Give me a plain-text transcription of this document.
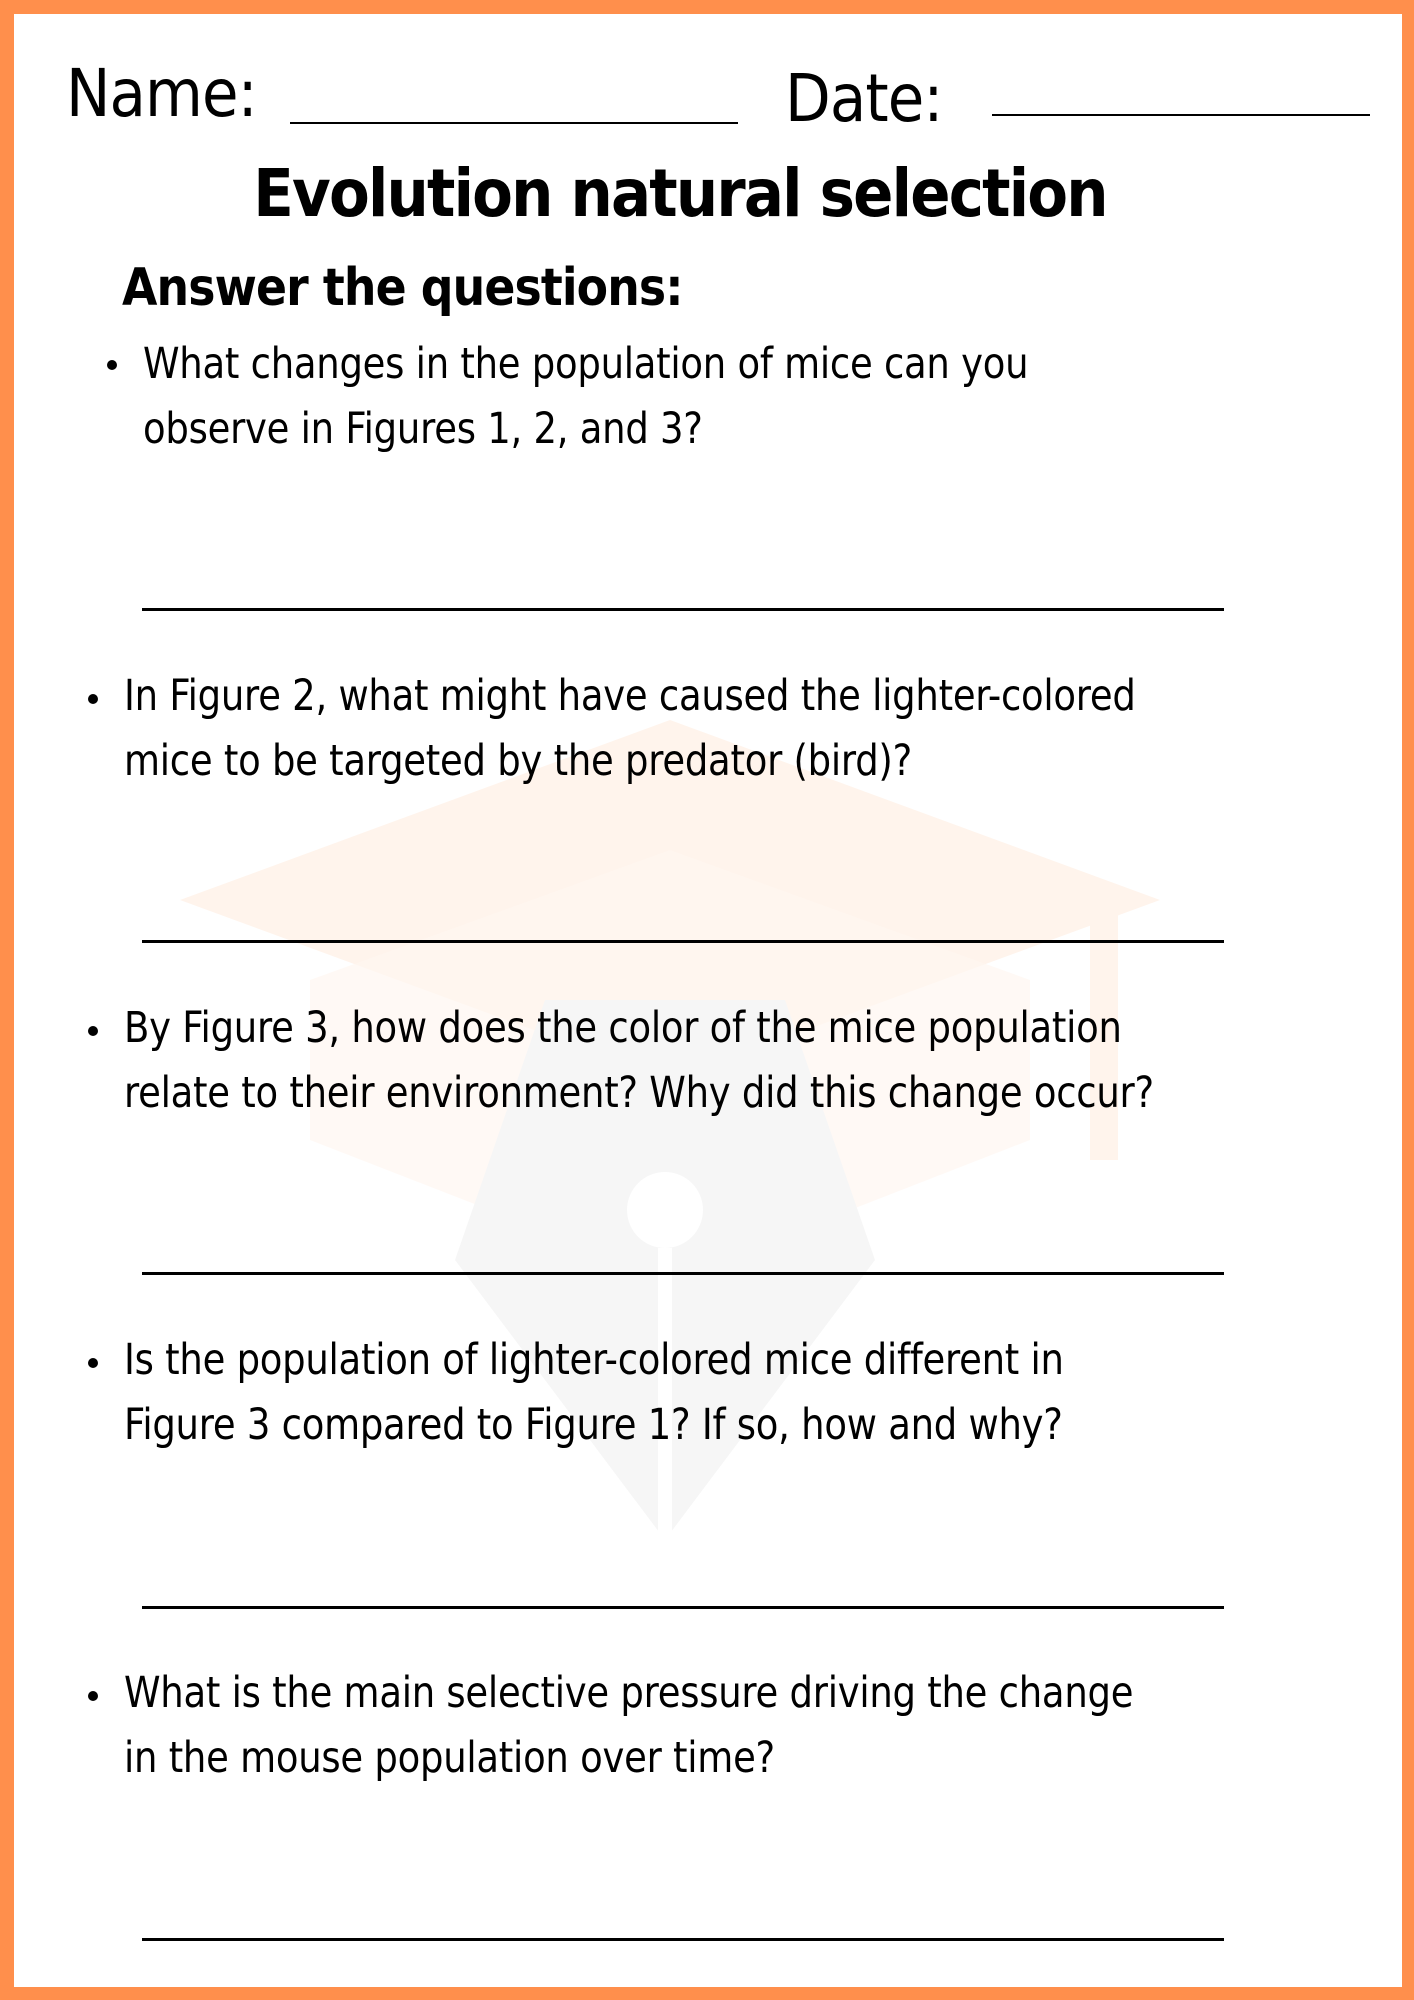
Name:	Date:
Evolution natural selection
Answer the questions:
What changes in the population of mice can you observe in Figures 1, 2, and 3?
In Figure 2, what might have caused the lighter-colored mice to be targeted by the predator (bird)?
By Figure 3, how does the color of the mice population relate to their environment? Why did this change occur?
Is the population of lighter-colored mice different in Figure 3 compared to Figure 1? If so, how and why?
What is the main selective pressure driving the change in the mouse population over time?
